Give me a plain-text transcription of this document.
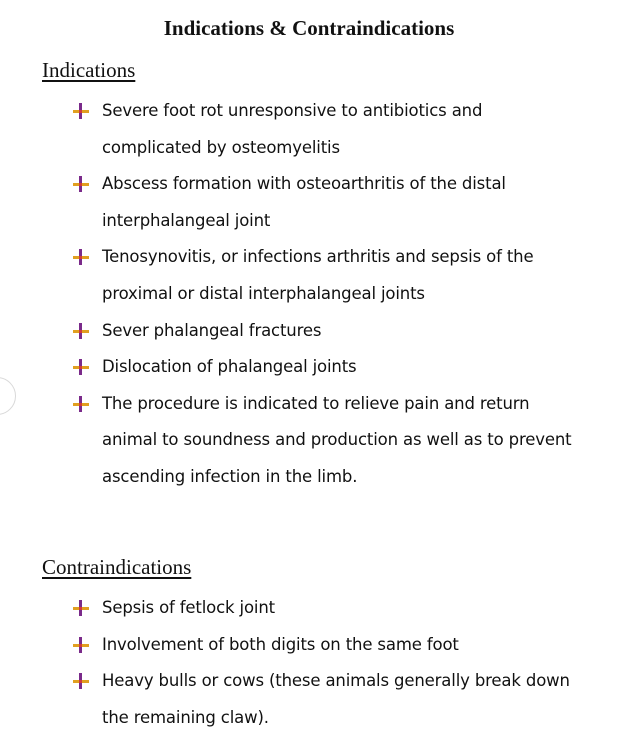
Indications & Contraindications
Indications
Severe foot rot unresponsive to antibiotics and complicated by osteomyelitis
Abscess formation with osteoarthritis of the distal interphalangeal joint
Tenosynovitis, or infections arthritis and sepsis of the proximal or distal interphalangeal joints
Sever phalangeal fractures
Dislocation of phalangeal joints
The procedure is indicated to relieve pain and return animal to soundness and production as well as to prevent ascending infection in the limb.
Contraindications
Sepsis of fetlock joint
Involvement of both digits on the same foot
Heavy bulls or cows (these animals generally break down the remaining claw).
